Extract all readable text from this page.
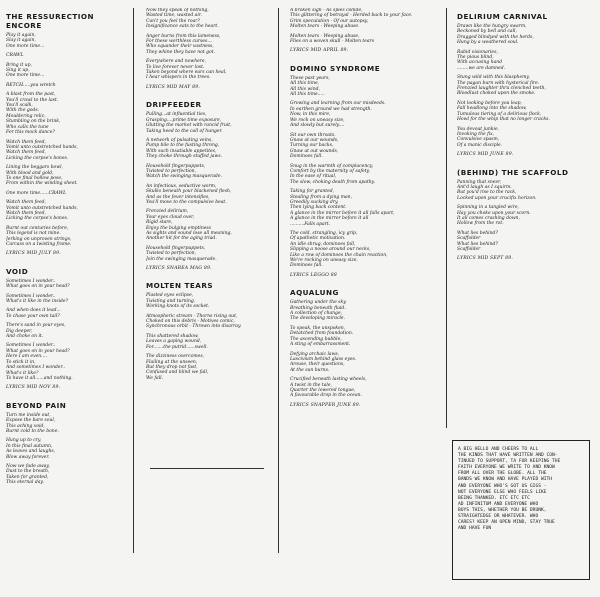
THE RESSURECTION ENCORE
Play it again,
Slay it again,
One more time...
CRAWL
Bring it up,
Sing it up,
One more time...
RETCH.....you wretch
A blast from the past,
You'll crawl to the last.
You'll scalk,
With the gods.
Mouldering relic,
Stumbling on the brink,
Who calls the tune
For this mock dance?
Watch them feed,
Vomit unto outstretched hands,
Watch them feed,
Licking the corpse's bones.
Lining the beggars bowl,
With blood and gold,
To one final hollow pose,
From within the winding sheet.
One more time......CRAWL
Watch them feed,
Vomit unto outstretched hands,
Watch them feed,
Licking the corpse's bones.
Burnt out centuries before,
This legend is not mine.
Jerking on unproven strings,
Carcass on a twisting frame.
LYRICS MID JULY 89.
VOID
Sometimes I wonder..
What goes on in your head?
Sometimes I wonder..
What's it like in the inside?
And when does it lead...
To chase your own tail?
There's sand in your eyes,
Dig deeper,
And choke on it.
Sometimes I wonder..
What goes on in your head?
Here I am even....
To stick it in,
And sometimes I wonder..
What's it like?
To have it all......and nothing.
LYRICS MID NOV 89.
BEYOND PAIN
Turn me inside out,
Expose the bare soul,
This aching void,
Burnt cold to the bone.
Hung up to cry,
In this final autumn,
As leaves and laughs,
Blow away forever.
Now we fade away,
Dust to the breath,
Taken for granted,
This eternal day.
Now they speak of nothing,
Wasted time, wasted air.
Can't you feel the roar?
Insignificance eats to the heart.
Anger burns from this lameness,
For these worthless curses...
Who squander their vastness,
They whine they have not got.
Everywhere and nowhere,
To live forever never lost.
Taken beyond where ears can heal,
I hear whispers in the trees.
LYRICS MID MAY 89.
DRIPFEEDER
Pulling...at influential ties,
Grasping....prime time exposure,
Glutting the market with rancid fruit,
Taking heed to the call of hunger.
A network of pulsating veins,
Pump bile to the fusting throng,
With such insatiable appetites,
They choke through stuffed jaws.
Household fingerpuppets,
Twisted to perfection,
Watch the swinging masquerade.
An infectious, seductive worm,
Skulks beneath your blackened flesh,
And as the fever intensifies,
You'll move to the compulsive beat.
Frenzied delirium,
Your eyes cloud over,
Rigid stare,
Enjoy the bulging emptiness
As sights and sound lose all meaning,
Another hit for the aging triad.
Household fingerpuppets,
Twisted to perfection,
Join the swinging masquerade.
LYRICS SNABEA MAG 89.
MOLTEN TEARS
Plasted eyes eclipse,
Twisting and turning,
Working knots of its socket.
Atmospheric stream - Thorns rising out,
Choked on this debris - Motives comic,
Synchronous orbit - Thrown into disarray.
This shattered shadow,
Leaves a gaping wound,
For.......the putrid......swell.
The dizziness overcomes,
Flailing at the unseen,
But they drop not fast,
Confused and blind we fall,
We fall.
A broken sigh - As spies collide,
This glittering of betrayal - Herded back to your face.
Grim speculation - Of our autopsy,
Molten tears - Weeping abuse.
Molten tears - Weeping abuse,
Flies on a woven skull - Molten tears
LYRICS MID APRIL 89.
DOMINO SYNDROME
These past years,
All this time,
All this wind,
All this time.....
Growing and learning from our misdeeds.
In earthen ground we had strength.
Now, in this mire,
We rock on uneasy size,
And slowly but surely....
Sit our own throats.
Gnaw at our wounds,
Turning our backs,
Gnaw at out wounds,
Dominoes fall.
Snug in the warmth of complacency,
Comfort by the maternity of safety,
In the ease of ritual,
The slow, choking death from apathy.
Taking for granted,
Stealing from a dying man,
Greedily sucking dry,
Then lying back content.
A glance in the mirror before it all falls apart,
A glance in the mirror before it all
..........Falls apart.
The cold, strangling, icy grip,
Of apathetic motivation.
An idle shrug, dominoes fall,
Slipping a noose around our necks,
Like a row of dominoes the chain reaction,
We're rocking on uneasy size,
Dominoes fall.
LYRICS LEGGO 88
AQUALUNG
Gathering under the sky,
Breathing beneath fluid.
A collection of change,
The developing miracle.
To speak, the unspoken,
Detatched from foundation.
The ascending bubble,
A sting of embarrassment.
Defying archaic laws,
Lascivium behind glass eyes.
Arouse, their questions,
At the sun burns.
Crucified beneath lasting wheels,
A twist in the tale,
Quarter the lowered tongue,
A favourable drop in the ocean.
LYRICS SNAPPER JUNE 89.
DELIRIUM CARNIVAL
Drawn like the hungry swarm,
Beckoned by bell and call,
Dragged blindyed with the herds,
Hung by a weathered soul.
Rabid visionaries,
The pious blind,
With accusing hand
........we are damned.
Stung wild with this blasphemy,
The pagan burn with hysterical fire.
Frenzied laughter thru clenched teeth,
Bloodlust choked upon the smoke.
Not looking before you leap,
Fall headlong into the shadow,
Tumulous tiering of a delirious flock,
Howl for the whip that no longer cracks.
You devout junkie,
Invoking the fix,
Convulsive spasm,
Of a manic disciple.
LYRICS MID JUNE 89.
(BEHIND) THE SCAFFOLD
Panning that sneer,
Ant'd laugh as I squirm.
But you'd rise to the rack,
Locked upon your crucifix horizon.
Spinning in a tangled wire,
Hay you choke upon your scorn.
It all comes crashing down,
Hollow from the rot.
What lies behind?
Scaffolder
What lies behind?
Scaffolder
LYRICS MID SEPT 89.
A BIG HELLO AND CHEERS TO ALL
THE KINDS THAT HAVE WRITTEN AND CON-
TINUED TO SUPPORT, TA FOR KEEPING THE
FAITH EVERYONE WE WRITE TO AND KNOW
FROM ALL OVER THE GLOBE. ALL THE
BANDS WE KNOW AND HAVE PLAYED WITH
AND EVERYONE WHO'S GOT US GIGS -
NOT EVERYONE ELSE WHO FEELS LIKE
BEING THANKED. ETC ETC ETC
AD INFINITUM AND EVERYONE WHO
BUYS THIS, WHETHER YOU BE DRUNK,
STRAIGHTEDGE OR WHATEVER. WHO
CARES? KEEP AN OPEN MIND, STAY TRUE
AND HAVE FUN
